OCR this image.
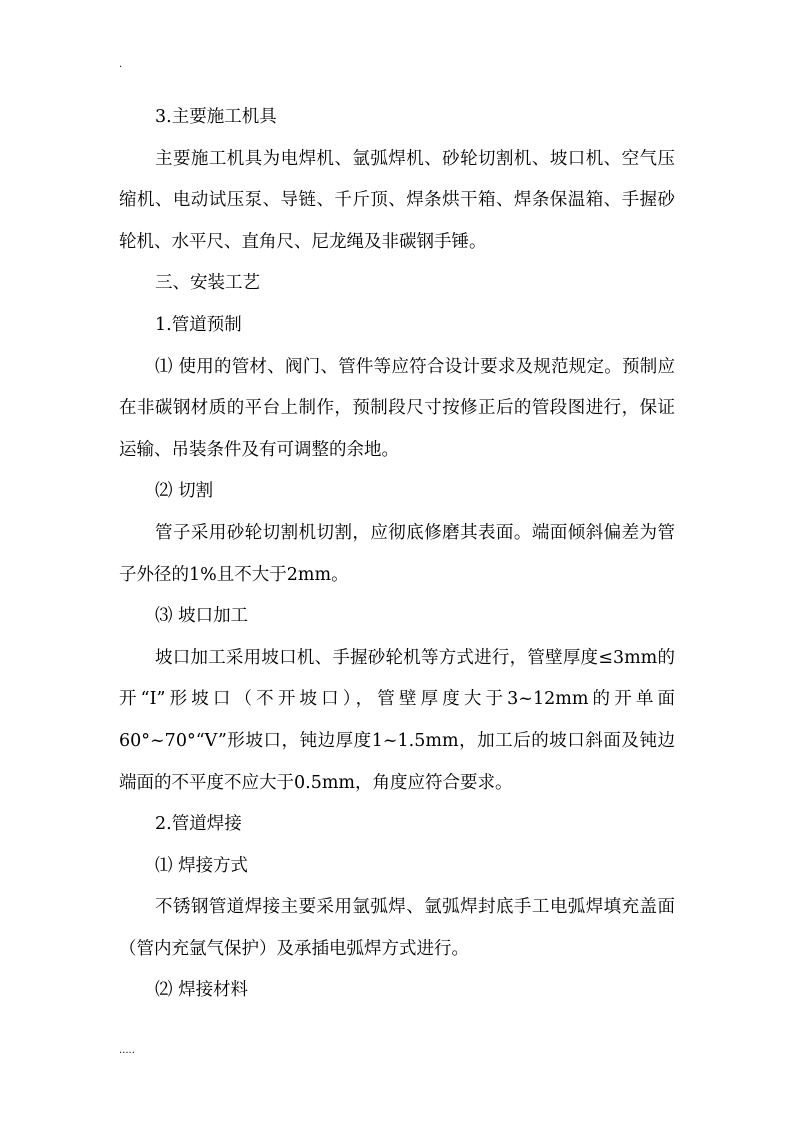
.

3.主要施工机具

主要施工机具为电焊机、氩弧焊机、砂轮切割机、坡口机、空气压缩机、电动试压泵、导链、千斤顶、焊条烘干箱、焊条保温箱、手握砂轮机、水平尺、直角尺、尼龙绳及非碳钢手锤。

三、安装工艺

1.管道预制

⑴ 使用的管材、阀门、管件等应符合设计要求及规范规定。预制应在非碳钢材质的平台上制作，预制段尺寸按修正后的管段图进行，保证运输、吊装条件及有可调整的余地。

⑵ 切割

管子采用砂轮切割机切割，应彻底修磨其表面。端面倾斜偏差为管子外径的1%且不大于2mm。

⑶ 坡口加工

坡口加工采用坡口机、手握砂轮机等方式进行，管壁厚度≤3mm的开“I”形坡口（不开坡口），管壁厚度大于3~12mm的开单面60°~70°“V”形坡口，钝边厚度1~1.5mm，加工后的坡口斜面及钝边端面的不平度不应大于0.5mm，角度应符合要求。

2.管道焊接

⑴ 焊接方式

不锈钢管道焊接主要采用氩弧焊、氩弧焊封底手工电弧焊填充盖面（管内充氩气保护）及承插电弧焊方式进行。

⑵ 焊接材料

.....
